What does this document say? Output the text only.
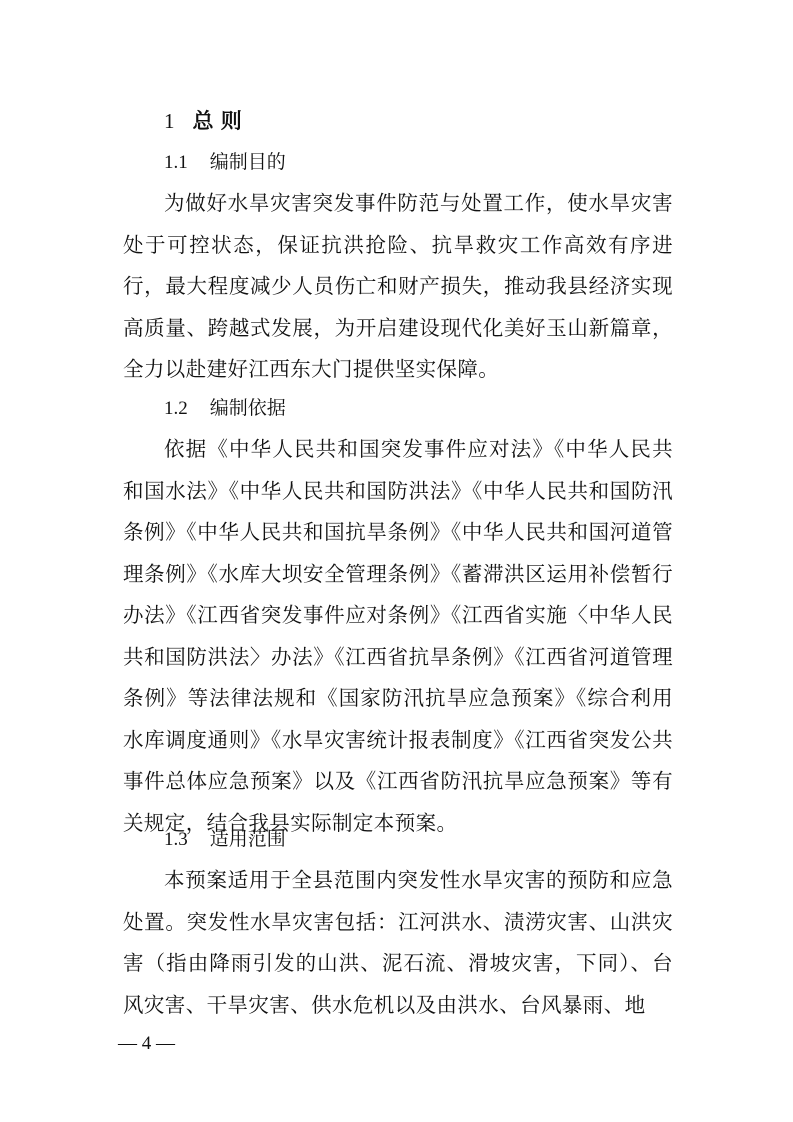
1 总 则
1.1 编制目的
为做好水旱灾害突发事件防范与处置工作，使水旱灾害处于可控状态，保证抗洪抢险、抗旱救灾工作高效有序进行，最大程度减少人员伤亡和财产损失，推动我县经济实现高质量、跨越式发展，为开启建设现代化美好玉山新篇章，全力以赴建好江西东大门提供坚实保障。
1.2 编制依据
依据《中华人民共和国突发事件应对法》《中华人民共和国水法》《中华人民共和国防洪法》《中华人民共和国防汛条例》《中华人民共和国抗旱条例》《中华人民共和国河道管理条例》《水库大坝安全管理条例》《蓄滞洪区运用补偿暂行办法》《江西省突发事件应对条例》《江西省实施〈中华人民共和国防洪法〉办法》《江西省抗旱条例》《江西省河道管理条例》等法律法规和《国家防汛抗旱应急预案》《综合利用水库调度通则》《水旱灾害统计报表制度》《江西省突发公共事件总体应急预案》以及《江西省防汛抗旱应急预案》等有关规定，结合我县实际制定本预案。
1.3 适用范围
本预案适用于全县范围内突发性水旱灾害的预防和应急处置。突发性水旱灾害包括：江河洪水、渍涝灾害、山洪灾害（指由降雨引发的山洪、泥石流、滑坡灾害，下同）、台风灾害、干旱灾害、供水危机以及由洪水、台风暴雨、地
— 4 —
